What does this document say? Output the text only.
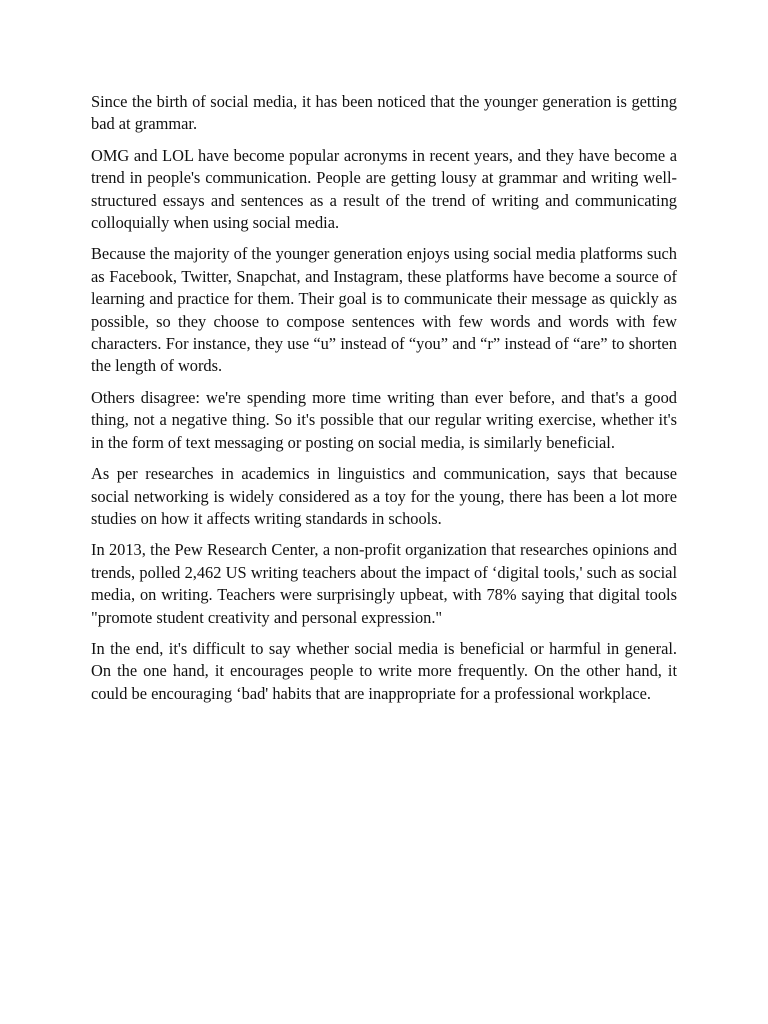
Since the birth of social media, it has been noticed that the younger generation is getting bad at grammar.

OMG and LOL have become popular acronyms in recent years, and they have become a trend in people's communication. People are getting lousy at grammar and writing well-structured essays and sentences as a result of the trend of writing and communicating colloquially when using social media.

Because the majority of the younger generation enjoys using social media platforms such as Facebook, Twitter, Snapchat, and Instagram, these platforms have become a source of learning and practice for them. Their goal is to communicate their message as quickly as possible, so they choose to compose sentences with few words and words with few characters. For instance, they use “u” instead of “you” and “r” instead of “are” to shorten the length of words.

Others disagree: we're spending more time writing than ever before, and that's a good thing, not a negative thing. So it's possible that our regular writing exercise, whether it's in the form of text messaging or posting on social media, is similarly beneficial.

As per researches in academics in linguistics and communication, says that because social networking is widely considered as a toy for the young, there has been a lot more studies on how it affects writing standards in schools.

In 2013, the Pew Research Center, a non-profit organization that researches opinions and trends, polled 2,462 US writing teachers about the impact of ‘digital tools,' such as social media, on writing. Teachers were surprisingly upbeat, with 78% saying that digital tools "promote student creativity and personal expression."

In the end, it's difficult to say whether social media is beneficial or harmful in general. On the one hand, it encourages people to write more frequently. On the other hand, it could be encouraging ‘bad' habits that are inappropriate for a professional workplace.
